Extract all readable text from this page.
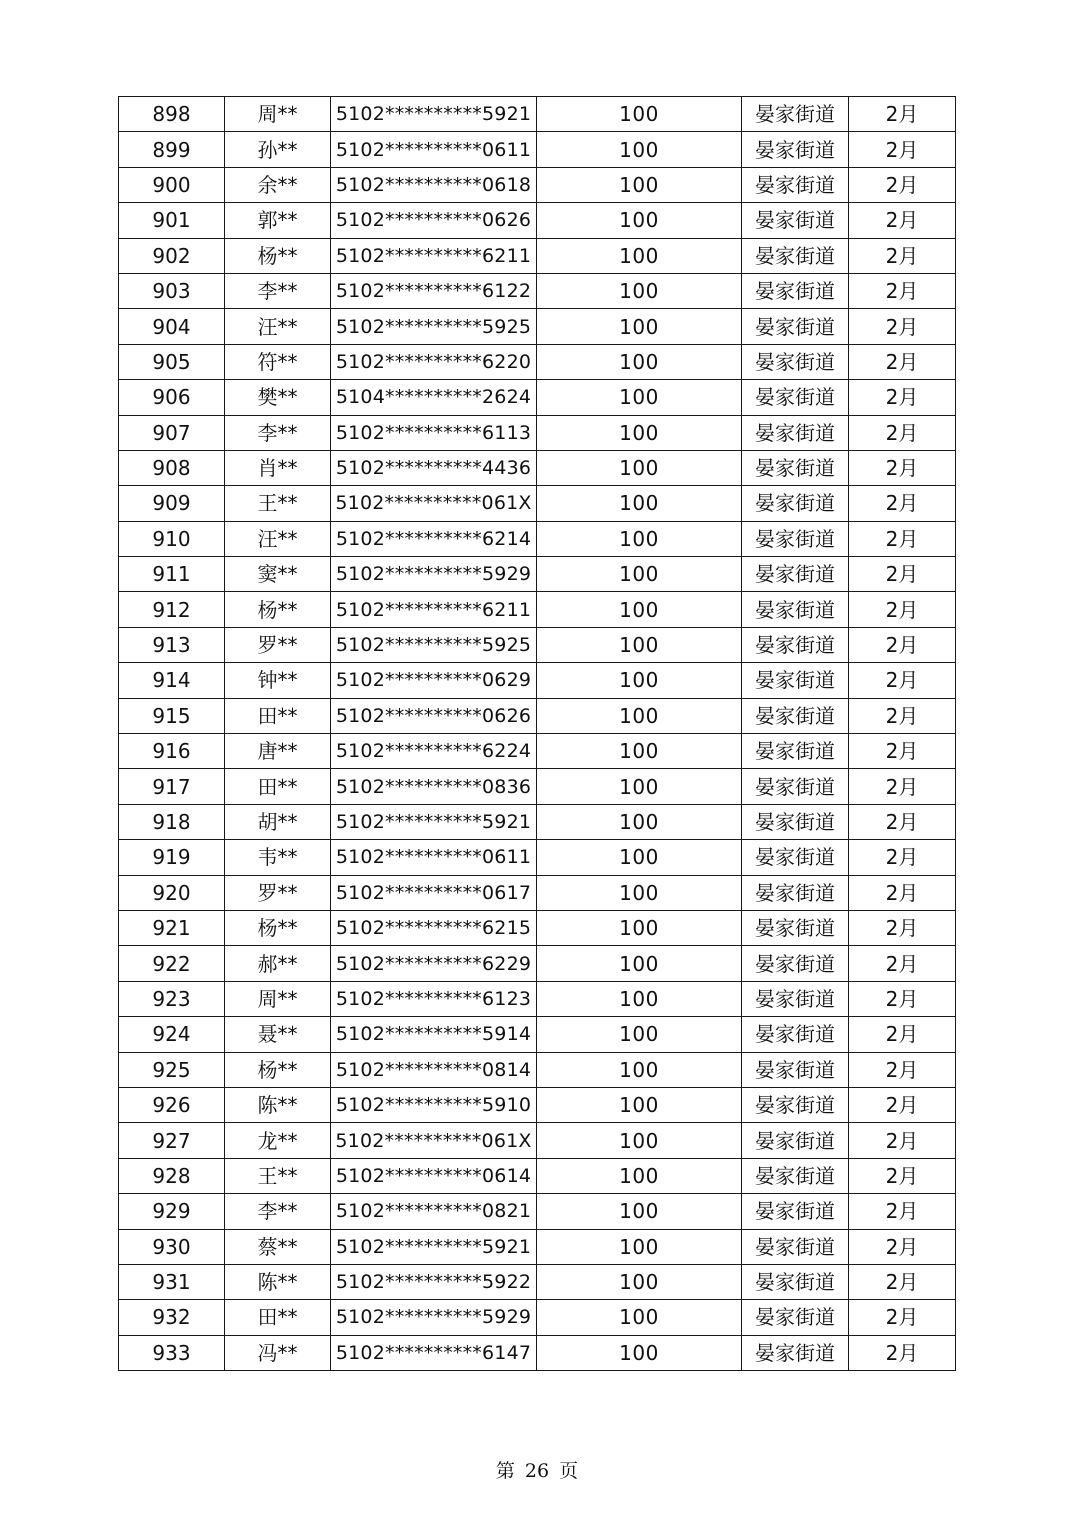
898	周**	5102**********5921	100	晏家街道	2月
899	孙**	5102**********0611	100	晏家街道	2月
900	余**	5102**********0618	100	晏家街道	2月
901	郭**	5102**********0626	100	晏家街道	2月
902	杨**	5102**********6211	100	晏家街道	2月
903	李**	5102**********6122	100	晏家街道	2月
904	汪**	5102**********5925	100	晏家街道	2月
905	符**	5102**********6220	100	晏家街道	2月
906	樊**	5104**********2624	100	晏家街道	2月
907	李**	5102**********6113	100	晏家街道	2月
908	肖**	5102**********4436	100	晏家街道	2月
909	王**	5102**********061X	100	晏家街道	2月
910	汪**	5102**********6214	100	晏家街道	2月
911	窦**	5102**********5929	100	晏家街道	2月
912	杨**	5102**********6211	100	晏家街道	2月
913	罗**	5102**********5925	100	晏家街道	2月
914	钟**	5102**********0629	100	晏家街道	2月
915	田**	5102**********0626	100	晏家街道	2月
916	唐**	5102**********6224	100	晏家街道	2月
917	田**	5102**********0836	100	晏家街道	2月
918	胡**	5102**********5921	100	晏家街道	2月
919	韦**	5102**********0611	100	晏家街道	2月
920	罗**	5102**********0617	100	晏家街道	2月
921	杨**	5102**********6215	100	晏家街道	2月
922	郝**	5102**********6229	100	晏家街道	2月
923	周**	5102**********6123	100	晏家街道	2月
924	聂**	5102**********5914	100	晏家街道	2月
925	杨**	5102**********0814	100	晏家街道	2月
926	陈**	5102**********5910	100	晏家街道	2月
927	龙**	5102**********061X	100	晏家街道	2月
928	王**	5102**********0614	100	晏家街道	2月
929	李**	5102**********0821	100	晏家街道	2月
930	蔡**	5102**********5921	100	晏家街道	2月
931	陈**	5102**********5922	100	晏家街道	2月
932	田**	5102**********5929	100	晏家街道	2月
933	冯**	5102**********6147	100	晏家街道	2月
第 26 页
